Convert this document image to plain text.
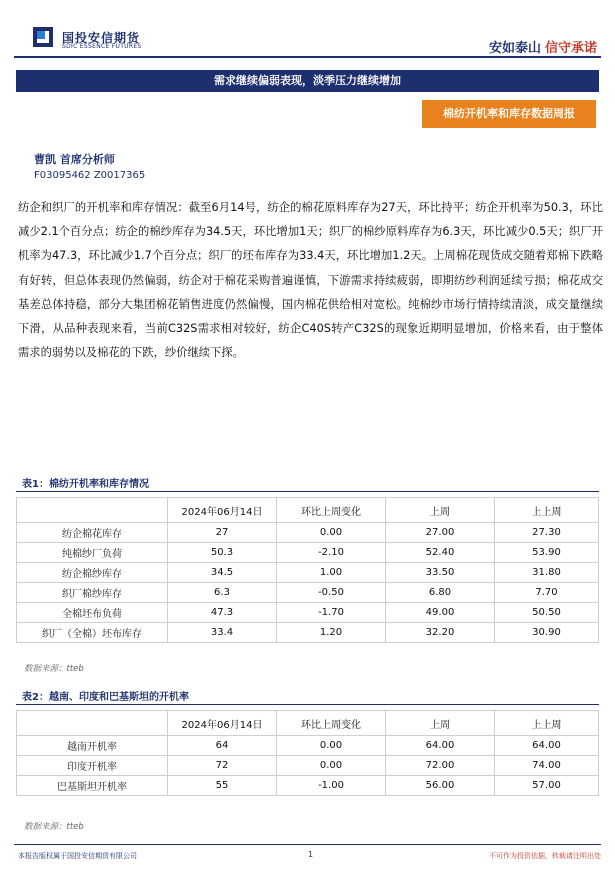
国投安信期货
SDIC ESSENCE FUTURES	安如泰山 信守承诺
需求继续偏弱表现，淡季压力继续增加
棉纺开机率和库存数据周报
曹凯 首席分析师
F03095462 Z0017365

纺企和织厂的开机率和库存情况：截至6月14号，纺企的棉花原料库存为27天，环比持平；纺企开机率为50.3，环比减少2.1个百分点；纺企的棉纱库存为34.5天，环比增加1天；织厂的棉纱原料库存为6.3天，环比减少0.5天；织厂开机率为47.3，环比减少1.7个百分点；织厂的坯布库存为33.4天，环比增加1.2天。上周棉花现货成交随着郑棉下跌略有好转，但总体表现仍然偏弱，纺企对于棉花采购普遍谨慎，下游需求持续疲弱，即期纺纱利润延续亏损；棉花成交基差总体持稳，部分大集团棉花销售进度仍然偏慢，国内棉花供给相对宽松。纯棉纱市场行情持续清淡，成交量继续下滑，从品种表现来看，当前C32S需求相对较好，纺企C40S转产C32S的现象近期明显增加，价格来看，由于整体需求的弱势以及棉花的下跌，纱价继续下探。

表1：棉纺开机率和库存情况
	2024年06月14日	环比上周变化	上周	上上周
纺企棉花库存	27	0.00	27.00	27.30
纯棉纱厂负荷	50.3	-2.10	52.40	53.90
纺企棉纱库存	34.5	1.00	33.50	31.80
织厂棉纱库存	6.3	-0.50	6.80	7.70
全棉坯布负荷	47.3	-1.70	49.00	50.50
织厂（全棉）坯布库存	33.4	1.20	32.20	30.90
数据来源：ttеb
表2：越南、印度和巴基斯坦的开机率
	2024年06月14日	环比上周变化	上周	上上周
越南开机率	64	0.00	64.00	64.00
印度开机率	72	0.00	72.00	74.00
巴基斯坦开机率	55	-1.00	56.00	57.00
数据来源：ttеb
本报告版权属于国投安信期货有限公司	1	不可作为投资依据，转载请注明出处
